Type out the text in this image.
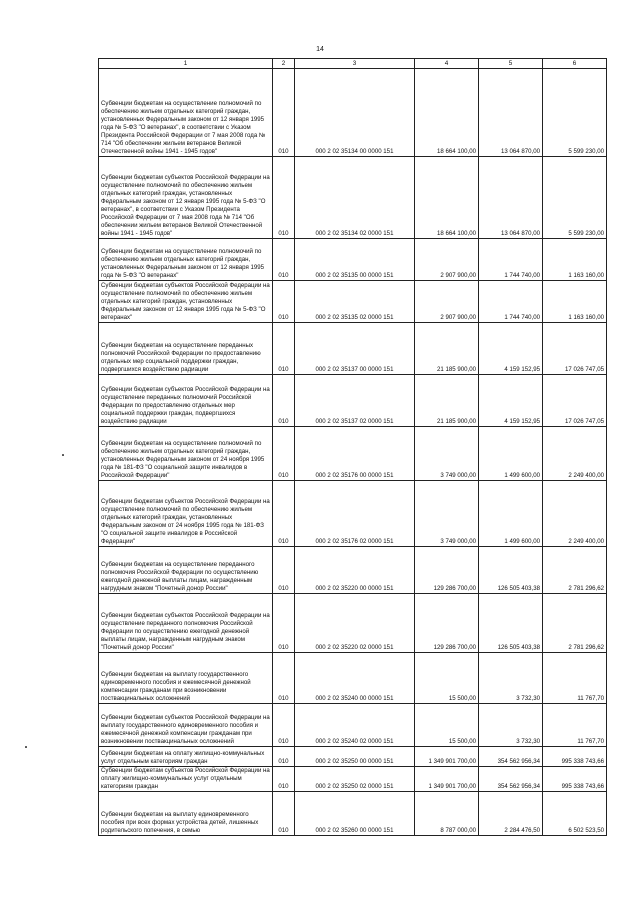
14
1	2	3	4	5	6
Субвенции бюджетам на осуществление полномочий по обеспечению жильем отдельных категорий граждан, установленных Федеральным законом от 12 января 1995 года № 5-ФЗ "О ветеранах", в соответствии с Указом Президента Российской Федерации от 7 мая 2008 года № 714 "Об обеспечении жильем ветеранов Великой Отечественной войны 1941 - 1945 годов"	010	000 2 02 35134 00 0000 151	18 664 100,00	13 064 870,00	5 599 230,00
Субвенции бюджетам субъектов Российской Федерации на осуществление полномочий по обеспечению жильем отдельных категорий граждан, установленных Федеральным законом от 12 января 1995 года № 5-ФЗ "О ветеранах", в соответствии с Указом Президента Российской Федерации от 7 мая 2008 года № 714 "Об обеспечении жильем ветеранов Великой Отечественной войны 1941 - 1945 годов"	010	000 2 02 35134 02 0000 151	18 664 100,00	13 064 870,00	5 599 230,00
Субвенции бюджетам на осуществление полномочий по обеспечению жильем отдельных категорий граждан, установленных Федеральным законом от 12 января 1995 года № 5-ФЗ "О ветеранах"	010	000 2 02 35135 00 0000 151	2 907 900,00	1 744 740,00	1 163 160,00
Субвенции бюджетам субъектов Российской Федерации на осуществление полномочий по обеспечению жильем отдельных категорий граждан, установленных Федеральным законом от 12 января 1995 года № 5-ФЗ "О ветеранах"	010	000 2 02 35135 02 0000 151	2 907 900,00	1 744 740,00	1 163 160,00
Субвенции бюджетам на осуществление переданных полномочий Российской Федерации по предоставлению отдельных мер социальной поддержки граждан, подвергшихся воздействию радиации	010	000 2 02 35137 00 0000 151	21 185 900,00	4 159 152,95	17 026 747,05
Субвенции бюджетам субъектов Российской Федерации на осуществление переданных полномочий Российской Федерации по предоставлению отдельных мер социальной поддержки граждан, подвергшихся воздействию радиации	010	000 2 02 35137 02 0000 151	21 185 900,00	4 159 152,95	17 026 747,05
Субвенции бюджетам на осуществление полномочий по обеспечению жильем отдельных категорий граждан, установленных Федеральным законом от 24 ноября 1995 года № 181-ФЗ "О социальной защите инвалидов в Российской Федерации"	010	000 2 02 35176 00 0000 151	3 749 000,00	1 499 600,00	2 249 400,00
Субвенции бюджетам субъектов Российской Федерации на осуществление полномочий по обеспечению жильем отдельных категорий граждан, установленных Федеральным законом от 24 ноября 1995 года № 181-ФЗ "О социальной защите инвалидов в Российской Федерации"	010	000 2 02 35176 02 0000 151	3 749 000,00	1 499 600,00	2 249 400,00
Субвенции бюджетам на осуществление переданного полномочия Российской Федерации по осуществлению ежегодной денежной выплаты лицам, награжденным нагрудным знаком "Почетный донор России"	010	000 2 02 35220 00 0000 151	129 286 700,00	126 505 403,38	2 781 296,62
Субвенции бюджетам субъектов Российской Федерации на осуществление переданного полномочия Российской Федерации по осуществлению ежегодной денежной выплаты лицам, награжденным нагрудным знаком "Почетный донор России"	010	000 2 02 35220 02 0000 151	129 286 700,00	126 505 403,38	2 781 296,62
Субвенции бюджетам на выплату государственного единовременного пособия и ежемесячной денежной компенсации гражданам при возникновении поствакцинальных осложнений	010	000 2 02 35240 00 0000 151	15 500,00	3 732,30	11 767,70
Субвенции бюджетам субъектов Российской Федерации на выплату государственного единовременного пособия и ежемесячной денежной компенсации гражданам при возникновении поствакцинальных осложнений	010	000 2 02 35240 02 0000 151	15 500,00	3 732,30	11 767,70
Субвенции бюджетам на оплату жилищно-коммунальных услуг отдельным категориям граждан	010	000 2 02 35250 00 0000 151	1 349 901 700,00	354 562 956,34	995 338 743,66
Субвенции бюджетам субъектов Российской Федерации на оплату жилищно-коммунальных услуг отдельным категориям граждан	010	000 2 02 35250 02 0000 151	1 349 901 700,00	354 562 956,34	995 338 743,66
Субвенции бюджетам на выплату единовременного пособия при всех формах устройства детей, лишенных родительского попечения, в семью	010	000 2 02 35260 00 0000 151	8 787 000,00	2 284 476,50	6 502 523,50
